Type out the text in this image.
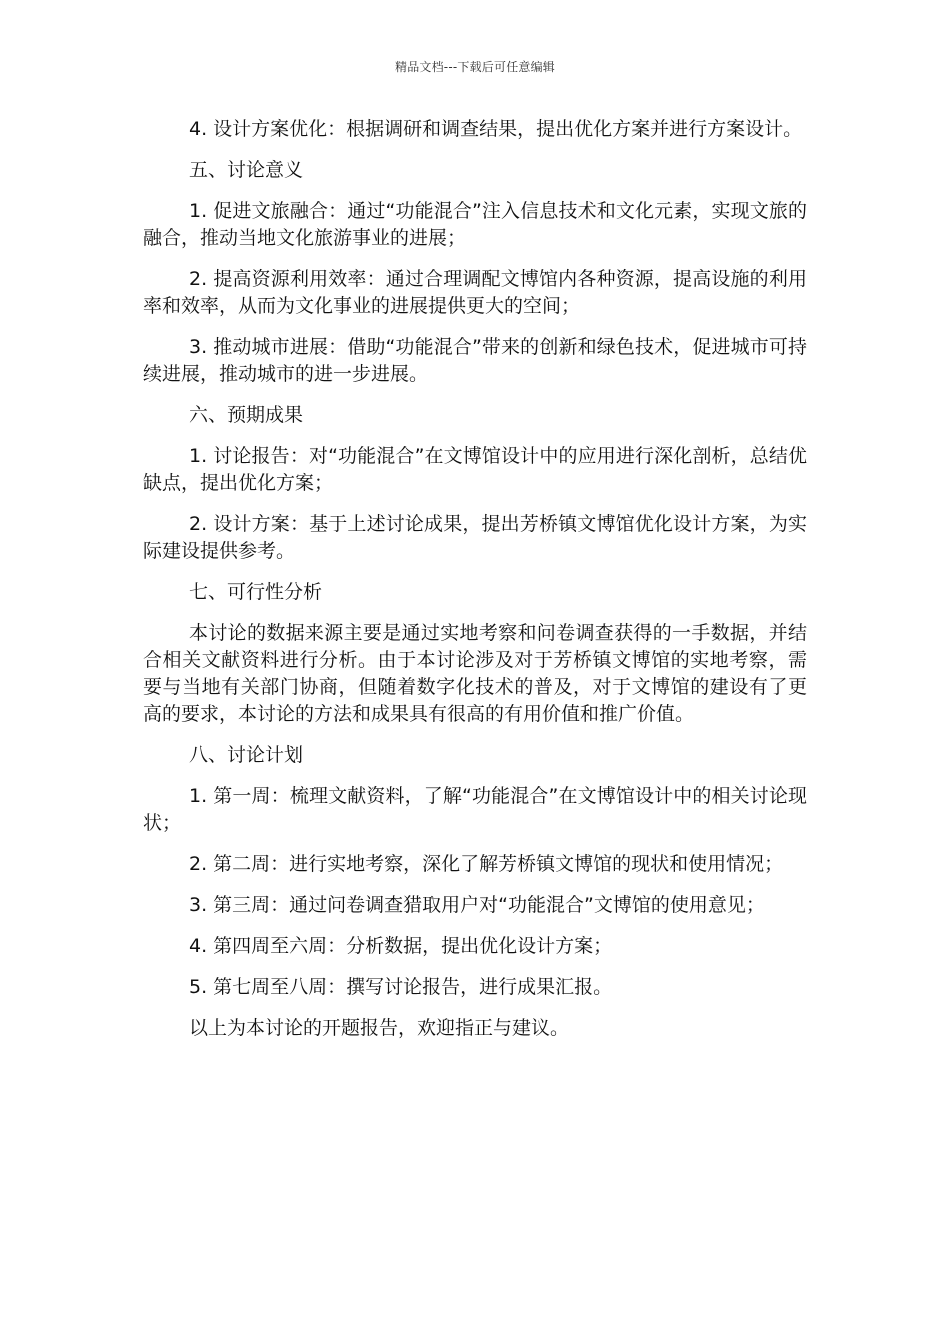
精品文档---下载后可任意编辑

4. 设计方案优化：根据调研和调查结果，提出优化方案并进行方案设计。

五、讨论意义

1. 促进文旅融合：通过“功能混合”注入信息技术和文化元素，实现文旅的融合，推动当地文化旅游事业的进展；

2. 提高资源利用效率：通过合理调配文博馆内各种资源，提高设施的利用率和效率，从而为文化事业的进展提供更大的空间；

3. 推动城市进展：借助“功能混合”带来的创新和绿色技术，促进城市可持续进展，推动城市的进一步进展。

六、预期成果

1. 讨论报告：对“功能混合”在文博馆设计中的应用进行深化剖析，总结优缺点，提出优化方案；

2. 设计方案：基于上述讨论成果，提出芳桥镇文博馆优化设计方案，为实际建设提供参考。

七、可行性分析

本讨论的数据来源主要是通过实地考察和问卷调查获得的一手数据，并结合相关文献资料进行分析。由于本讨论涉及对于芳桥镇文博馆的实地考察，需要与当地有关部门协商，但随着数字化技术的普及，对于文博馆的建设有了更高的要求，本讨论的方法和成果具有很高的有用价值和推广价值。

八、讨论计划

1. 第一周：梳理文献资料，了解“功能混合”在文博馆设计中的相关讨论现状；

2. 第二周：进行实地考察，深化了解芳桥镇文博馆的现状和使用情况；

3. 第三周：通过问卷调查猎取用户对“功能混合”文博馆的使用意见；

4. 第四周至六周：分析数据，提出优化设计方案；

5. 第七周至八周：撰写讨论报告，进行成果汇报。

以上为本讨论的开题报告，欢迎指正与建议。
